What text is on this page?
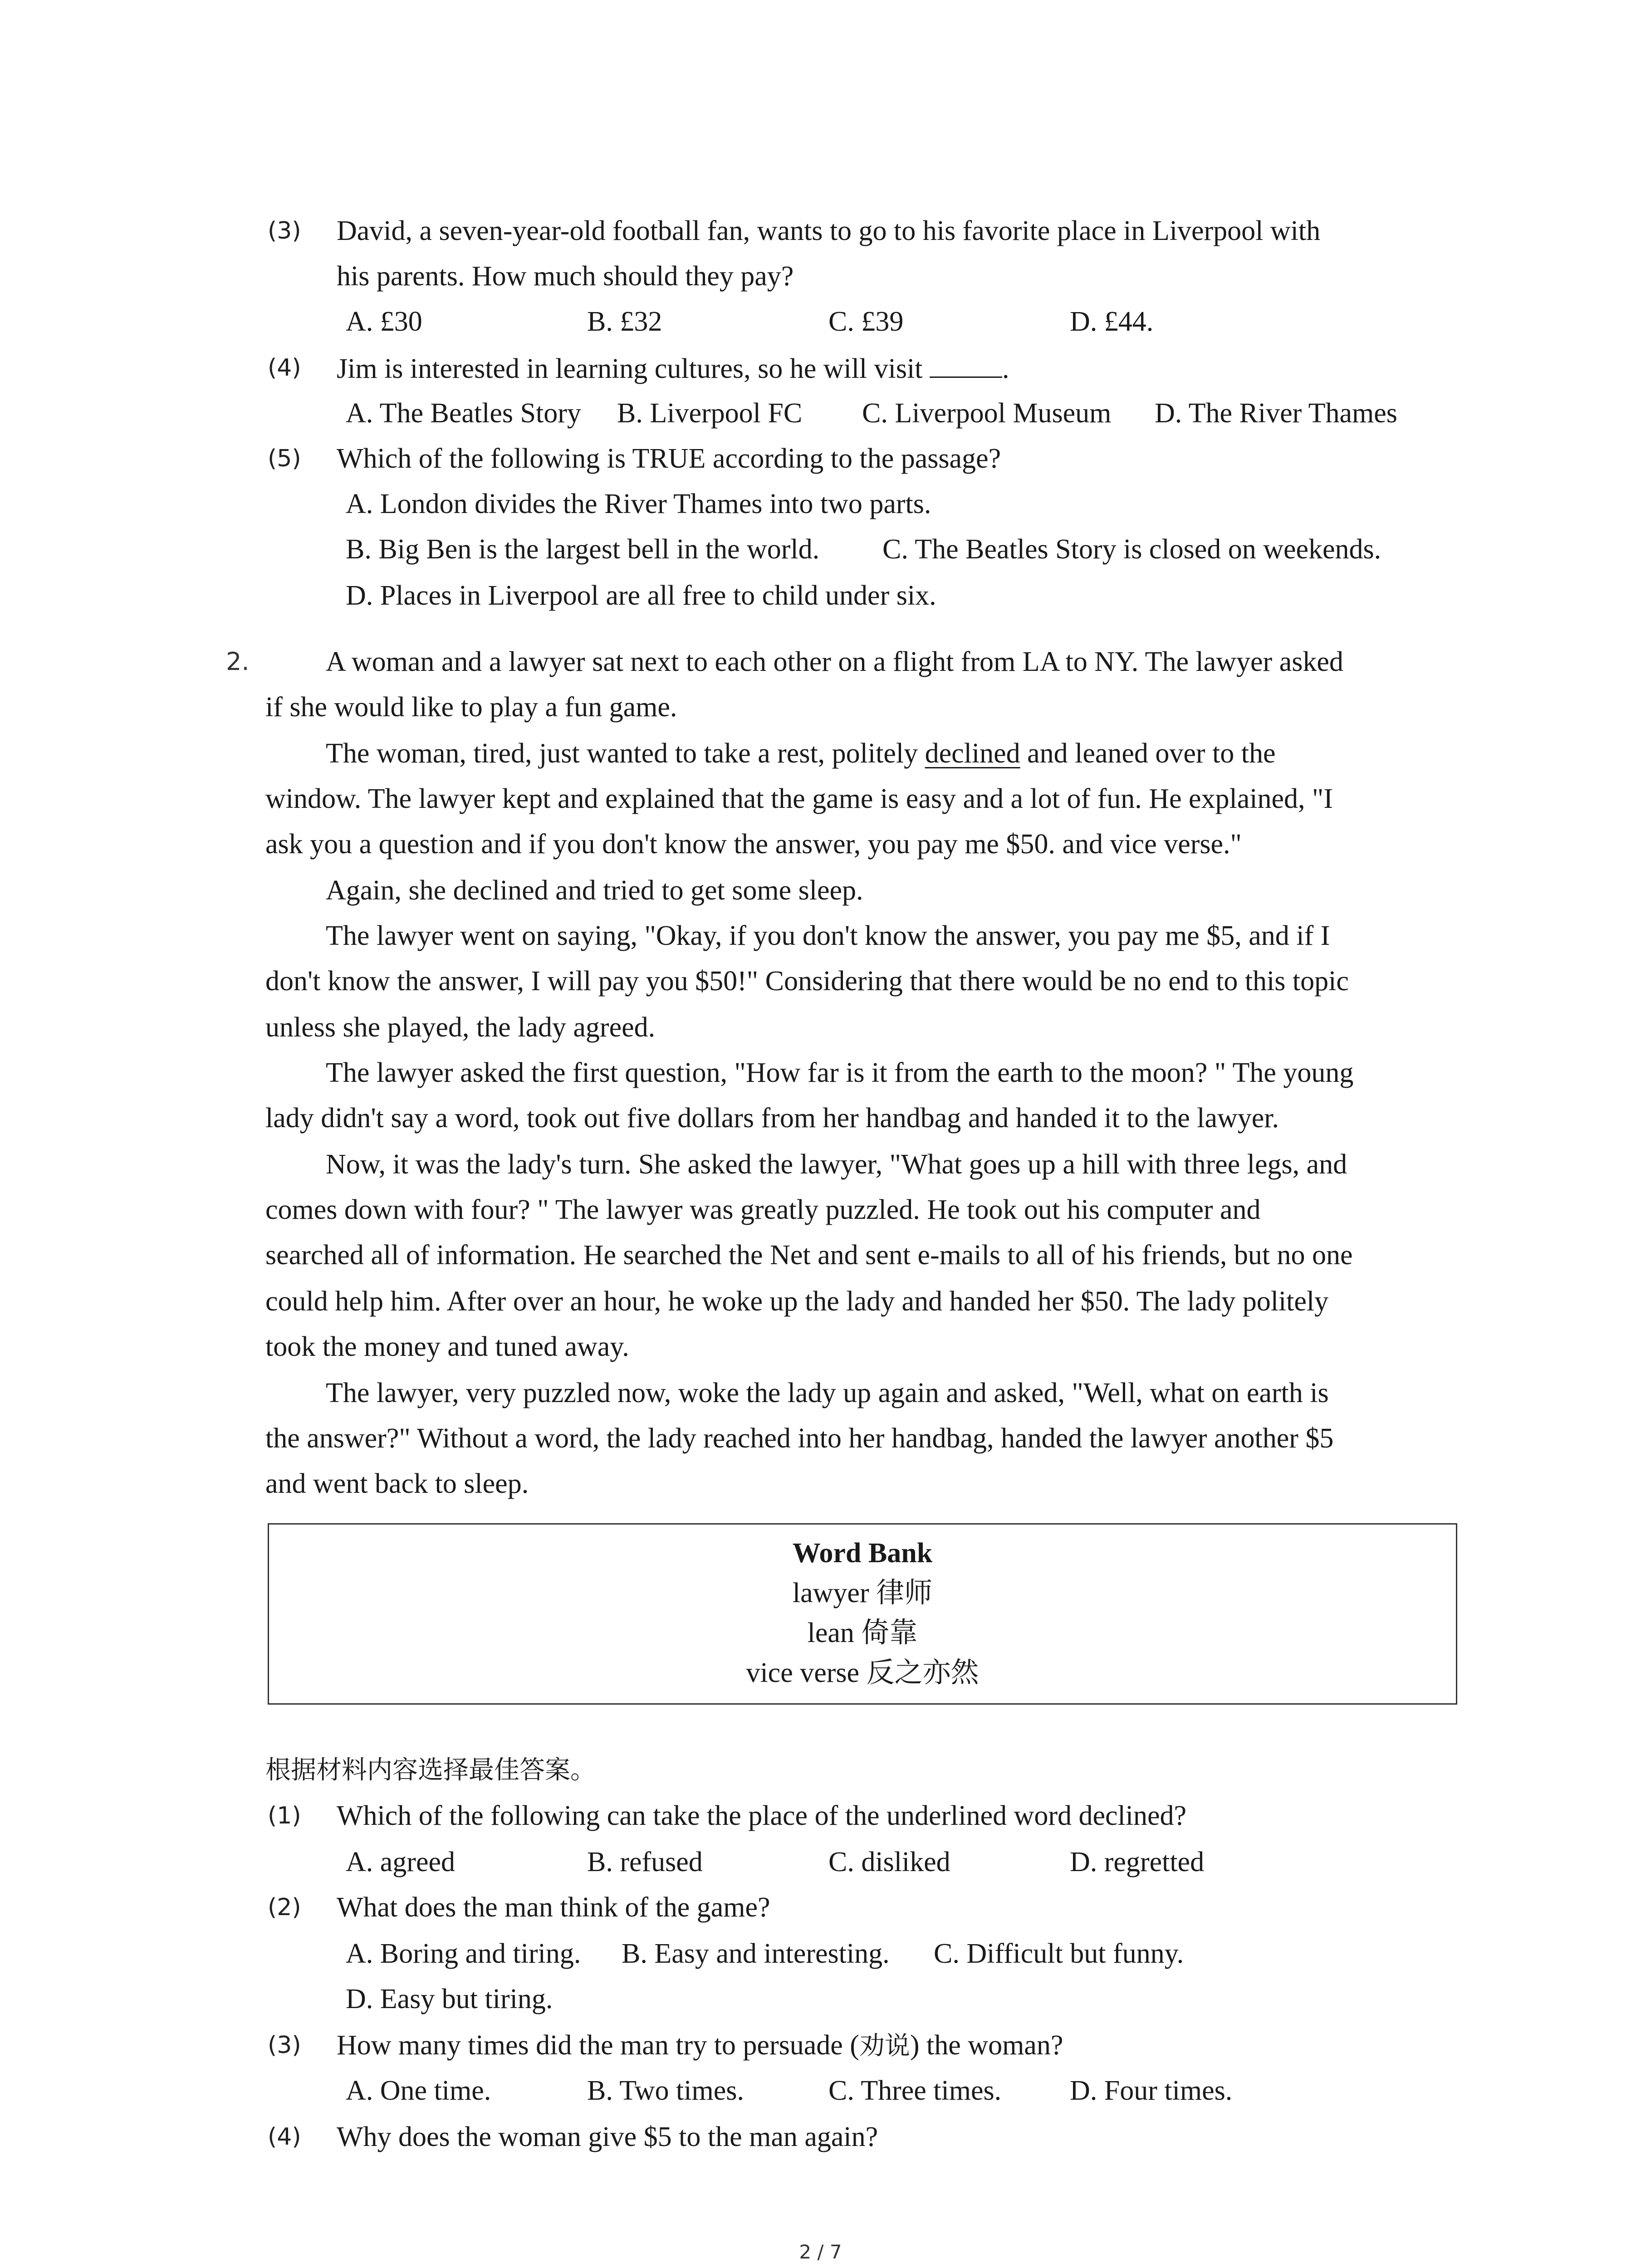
(3) David, a seven-year-old football fan, wants to go to his favorite place in Liverpool with
his parents. How much should they pay?
A. £30	B. £32	C. £39	D. £44.
(4) Jim is interested in learning cultures, so he will visit	.
A. The Beatles Story B. Liverpool FC C. Liverpool Museum D. The River Thames
(5) Which of the following is TRUE according to the passage?
A. London divides the River Thames into two parts.
B. Big Ben is the largest bell in the world. C. The Beatles Story is closed on weekends.
D. Places in Liverpool are all free to child under six.
2.	A woman and a lawyer sat next to each other on a flight from LA to NY. The lawyer asked
if she would like to play a fun game.
The woman, tired, just wanted to take a rest, politely declined and leaned over to the
window. The lawyer kept and explained that the game is easy and a lot of fun. He explained, "I
ask you a question and if you don't know the answer, you pay me $50. and vice verse."
Again, she declined and tried to get some sleep.
The lawyer went on saying, "Okay, if you don't know the answer, you pay me $5, and if I
don't know the answer, I will pay you $50!" Considering that there would be no end to this topic
unless she played, the lady agreed.
The lawyer asked the first question, "How far is it from the earth to the moon? " The young
lady didn't say a word, took out five dollars from her handbag and handed it to the lawyer.
Now, it was the lady's turn. She asked the lawyer, "What goes up a hill with three legs, and
comes down with four? " The lawyer was greatly puzzled. He took out his computer and
searched all of information. He searched the Net and sent e-mails to all of his friends, but no one
could help him. After over an hour, he woke up the lady and handed her $50. The lady politely
took the money and tuned away.
The lawyer, very puzzled now, woke the lady up again and asked, "Well, what on earth is
the answer?" Without a word, the lady reached into her handbag, handed the lawyer another $5
and went back to sleep.
Word Bank
lawyer 律师
lean 倚靠
vice verse 反之亦然
根据材料内容选择最佳答案。
(1) Which of the following can take the place of the underlined word declined?
A. agreed	B. refused	C. disliked	D. regretted
(2) What does the man think of the game?
A. Boring and tiring. B. Easy and interesting. C. Difficult but funny.
D. Easy but tiring.
(3) How many times did the man try to persuade (劝说) the woman?
A. One time.	B. Two times.	C. Three times. D. Four times.
(4) Why does the woman give $5 to the man again?
2 / 7
